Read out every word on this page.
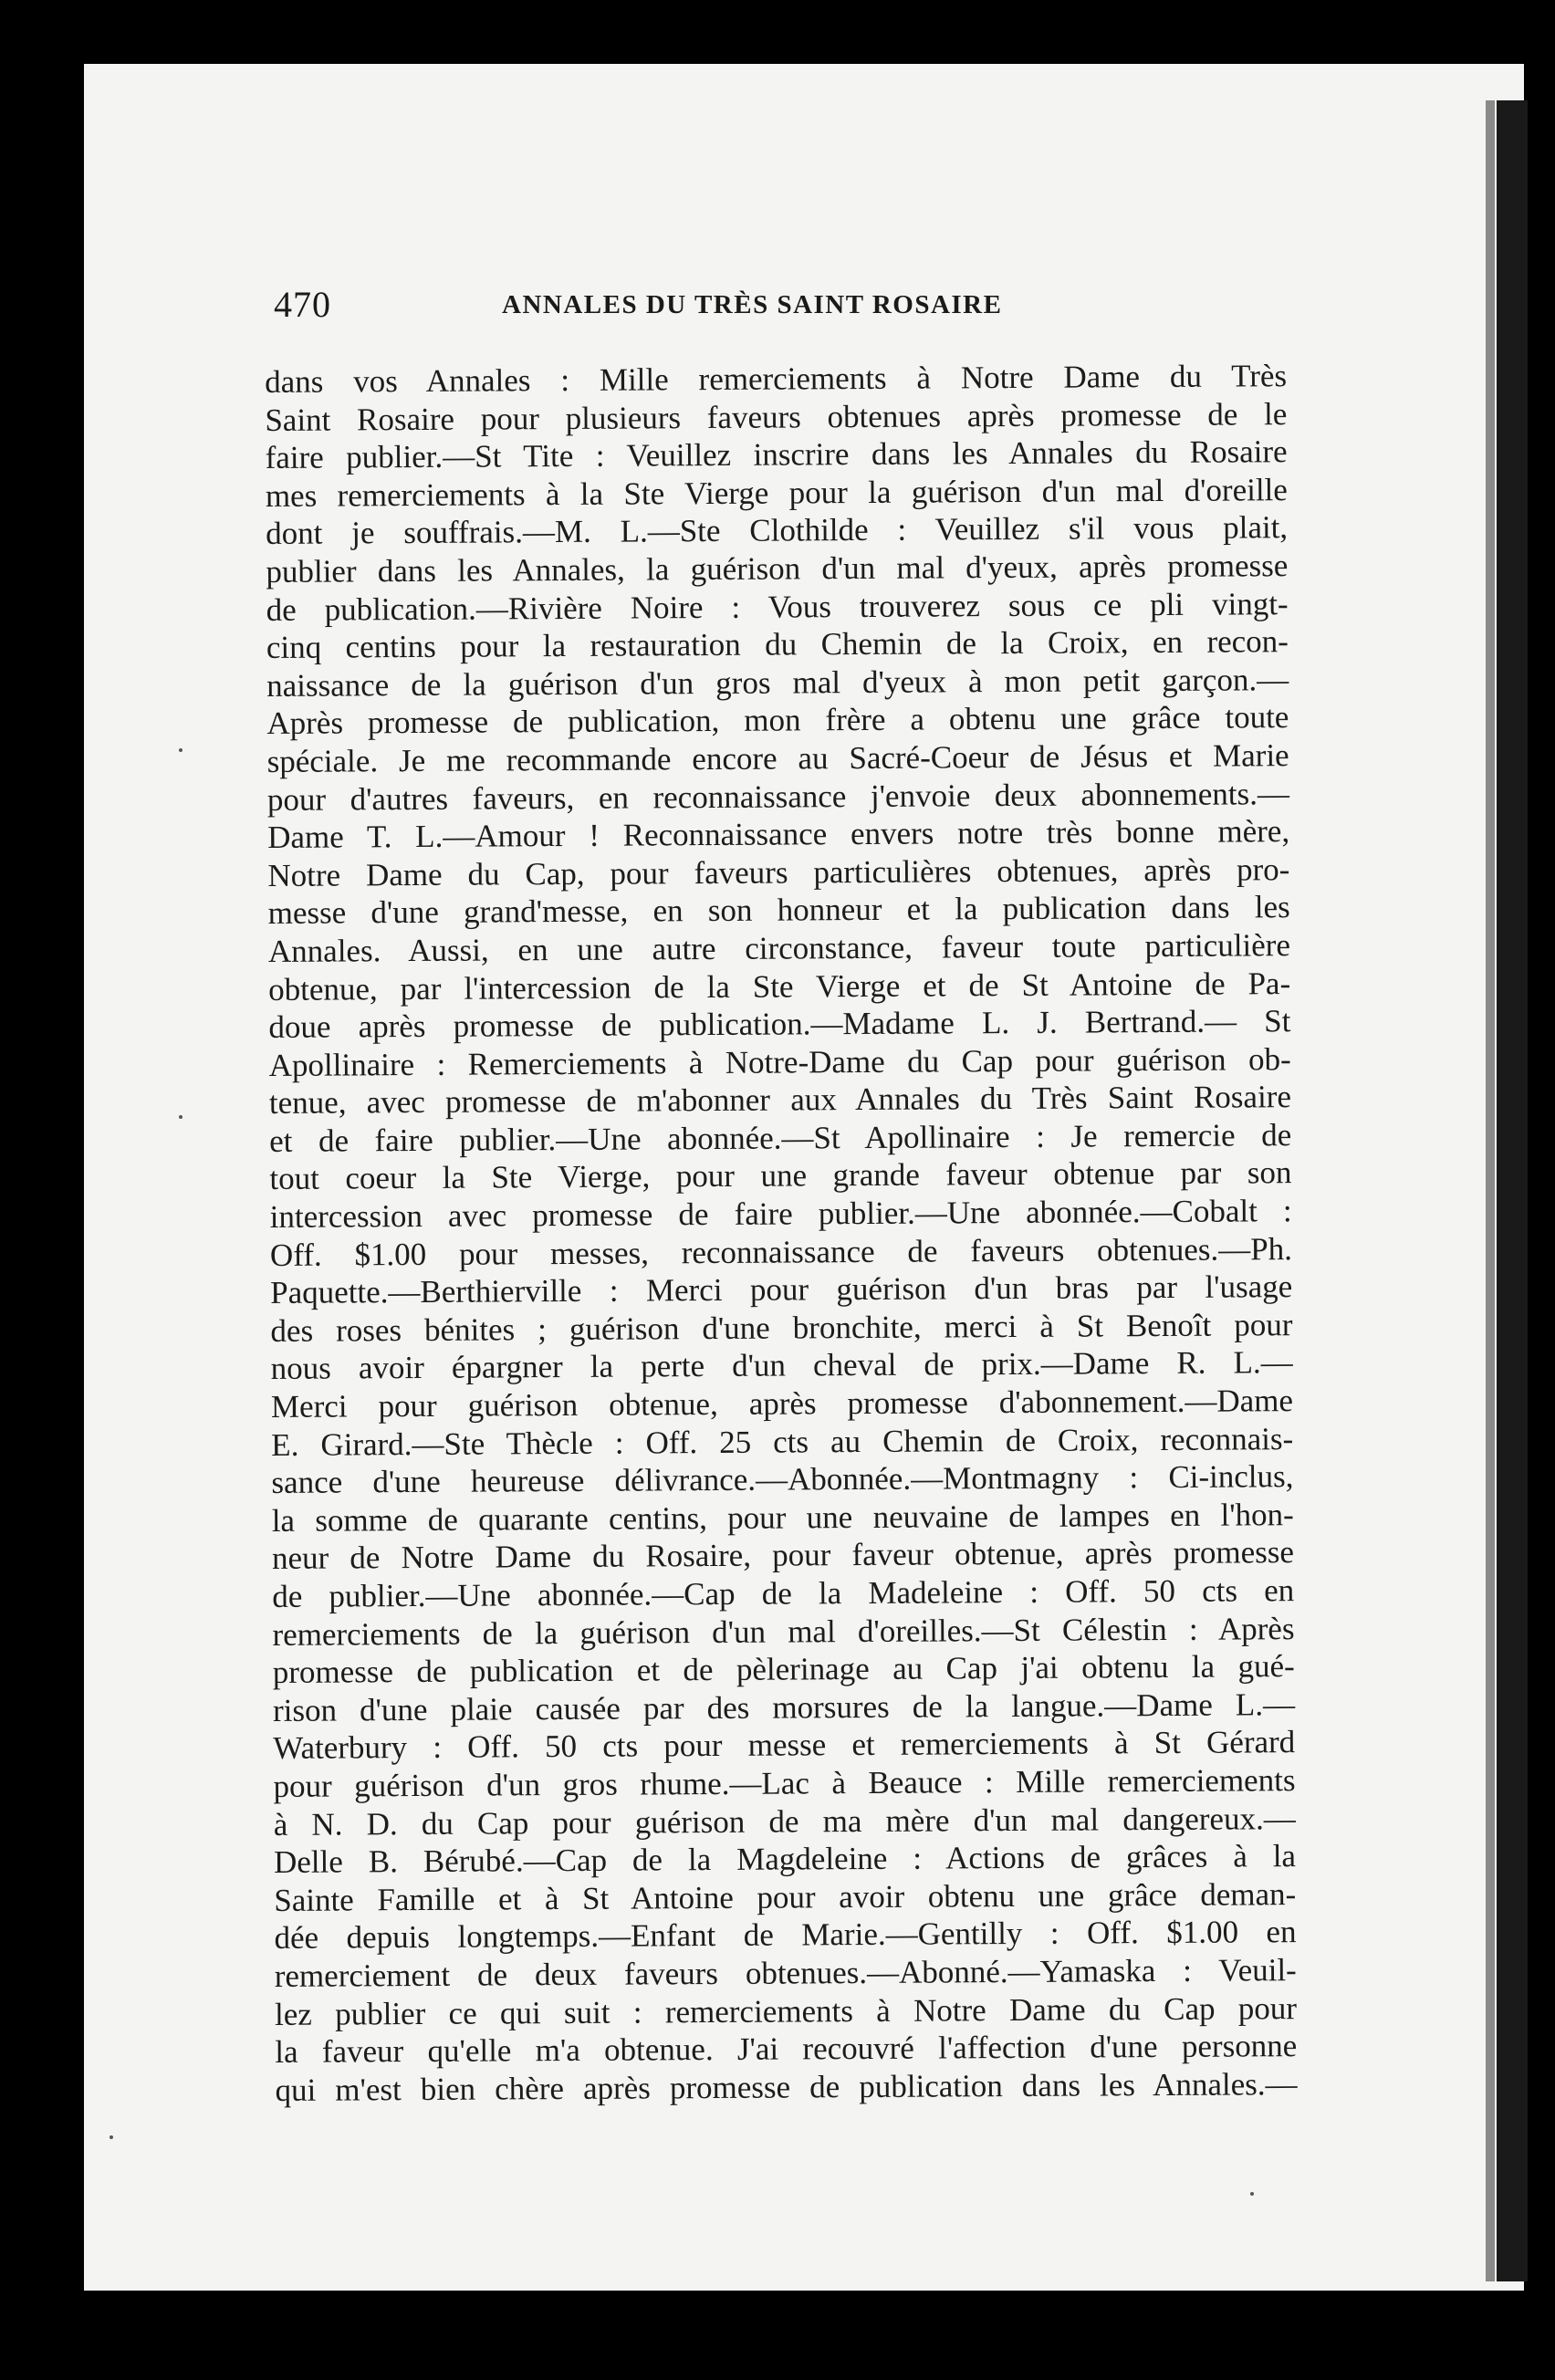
470	ANNALES DU TRÈS SAINT ROSAIRE
dans vos Annales : Mille remerciements à Notre Dame du Très
Saint Rosaire pour plusieurs faveurs obtenues après promesse de le
faire publier.—St Tite : Veuillez inscrire dans les Annales du Rosaire
mes remerciements à la Ste Vierge pour la guérison d'un mal d'oreille
dont je souffrais.—M. L.—Ste Clothilde : Veuillez s'il vous plait,
publier dans les Annales, la guérison d'un mal d'yeux, après promesse
de publication.—Rivière Noire : Vous trouverez sous ce pli vingt-
cinq centins pour la restauration du Chemin de la Croix, en recon-
naissance de la guérison d'un gros mal d'yeux à mon petit garçon.—
Après promesse de publication, mon frère a obtenu une grâce toute
spéciale. Je me recommande encore au Sacré-Coeur de Jésus et Marie
pour d'autres faveurs, en reconnaissance j'envoie deux abonnements.—
Dame T. L.—Amour ! Reconnaissance envers notre très bonne mère,
Notre Dame du Cap, pour faveurs particulières obtenues, après pro-
messe d'une grand'messe, en son honneur et la publication dans les
Annales. Aussi, en une autre circonstance, faveur toute particulière
obtenue, par l'intercession de la Ste Vierge et de St Antoine de Pa-
doue après promesse de publication.—Madame L. J. Bertrand.— St
Apollinaire : Remerciements à Notre-Dame du Cap pour guérison ob-
tenue, avec promesse de m'abonner aux Annales du Très Saint Rosaire
et de faire publier.—Une abonnée.—St Apollinaire : Je remercie de
tout coeur la Ste Vierge, pour une grande faveur obtenue par son
intercession avec promesse de faire publier.—Une abonnée.—Cobalt :
Off. $1.00 pour messes, reconnaissance de faveurs obtenues.—Ph.
Paquette.—Berthierville : Merci pour guérison d'un bras par l'usage
des roses bénites ; guérison d'une bronchite, merci à St Benoît pour
nous avoir épargner la perte d'un cheval de prix.—Dame R. L.—
Merci pour guérison obtenue, après promesse d'abonnement.—Dame
E. Girard.—Ste Thècle : Off. 25 cts au Chemin de Croix, reconnais-
sance d'une heureuse délivrance.—Abonnée.—Montmagny : Ci-inclus,
la somme de quarante centins, pour une neuvaine de lampes en l'hon-
neur de Notre Dame du Rosaire, pour faveur obtenue, après promesse
de publier.—Une abonnée.—Cap de la Madeleine : Off. 50 cts en
remerciements de la guérison d'un mal d'oreilles.—St Célestin : Après
promesse de publication et de pèlerinage au Cap j'ai obtenu la gué-
rison d'une plaie causée par des morsures de la langue.—Dame L.—
Waterbury : Off. 50 cts pour messe et remerciements à St Gérard
pour guérison d'un gros rhume.—Lac à Beauce : Mille remerciements
à N. D. du Cap pour guérison de ma mère d'un mal dangereux.—
Delle B. Bérubé.—Cap de la Magdeleine : Actions de grâces à la
Sainte Famille et à St Antoine pour avoir obtenu une grâce deman-
dée depuis longtemps.—Enfant de Marie.—Gentilly : Off. $1.00 en
remerciement de deux faveurs obtenues.—Abonné.—Yamaska : Veuil-
lez publier ce qui suit : remerciements à Notre Dame du Cap pour
la faveur qu'elle m'a obtenue. J'ai recouvré l'affection d'une personne
qui m'est bien chère après promesse de publication dans les Annales.—
